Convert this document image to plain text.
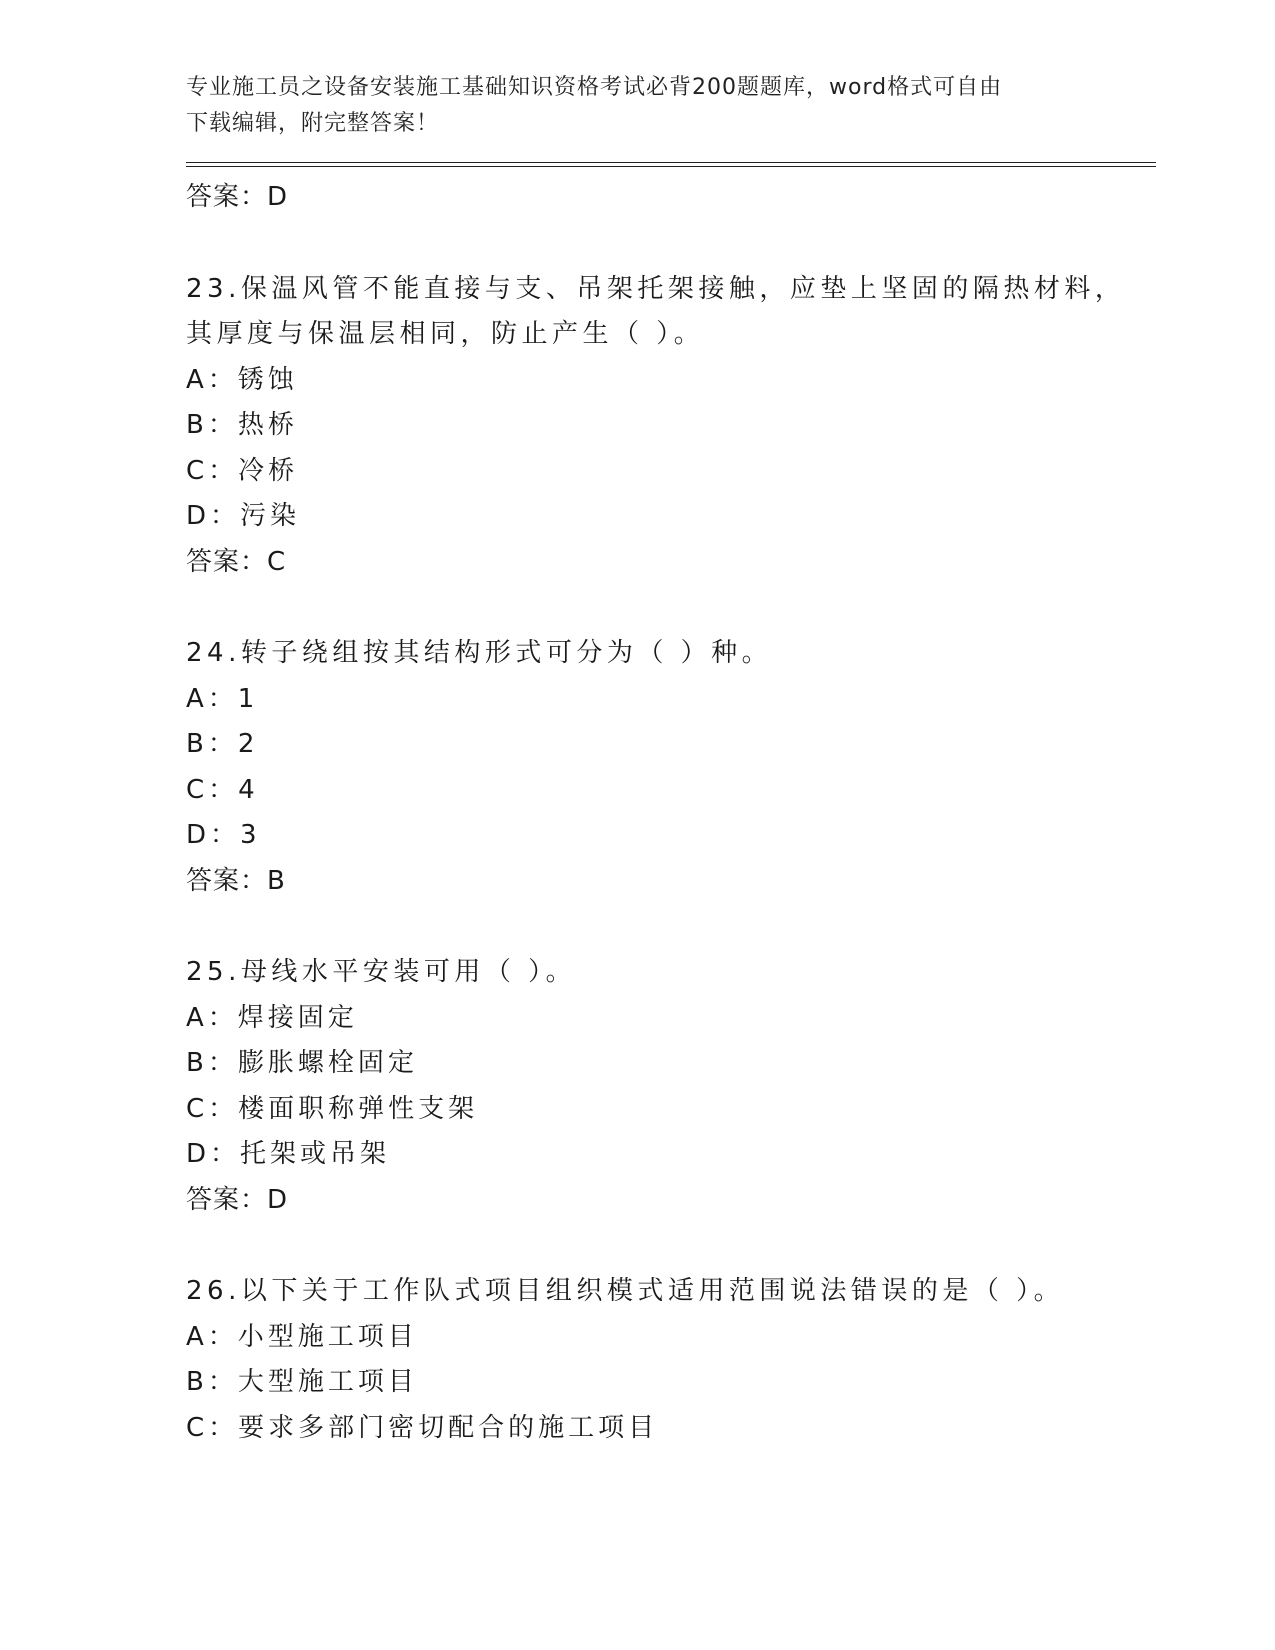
专业施工员之设备安装施工基础知识资格考试必背200题题库，word格式可自由
下载编辑，附完整答案！
答案：D
23.保温风管不能直接与支、吊架托架接触，应垫上坚固的隔热材料，
其厚度与保温层相同，防止产生（ ）。
A：锈蚀
B：热桥
C：冷桥
D：污染
答案：C
24.转子绕组按其结构形式可分为（ ）种。
A：1
B：2
C：4
D：3
答案：B
25.母线水平安装可用（ ）。
A：焊接固定
B：膨胀螺栓固定
C：楼面职称弹性支架
D：托架或吊架
答案：D
26.以下关于工作队式项目组织模式适用范围说法错误的是（ ）。
A：小型施工项目
B：大型施工项目
C：要求多部门密切配合的施工项目
